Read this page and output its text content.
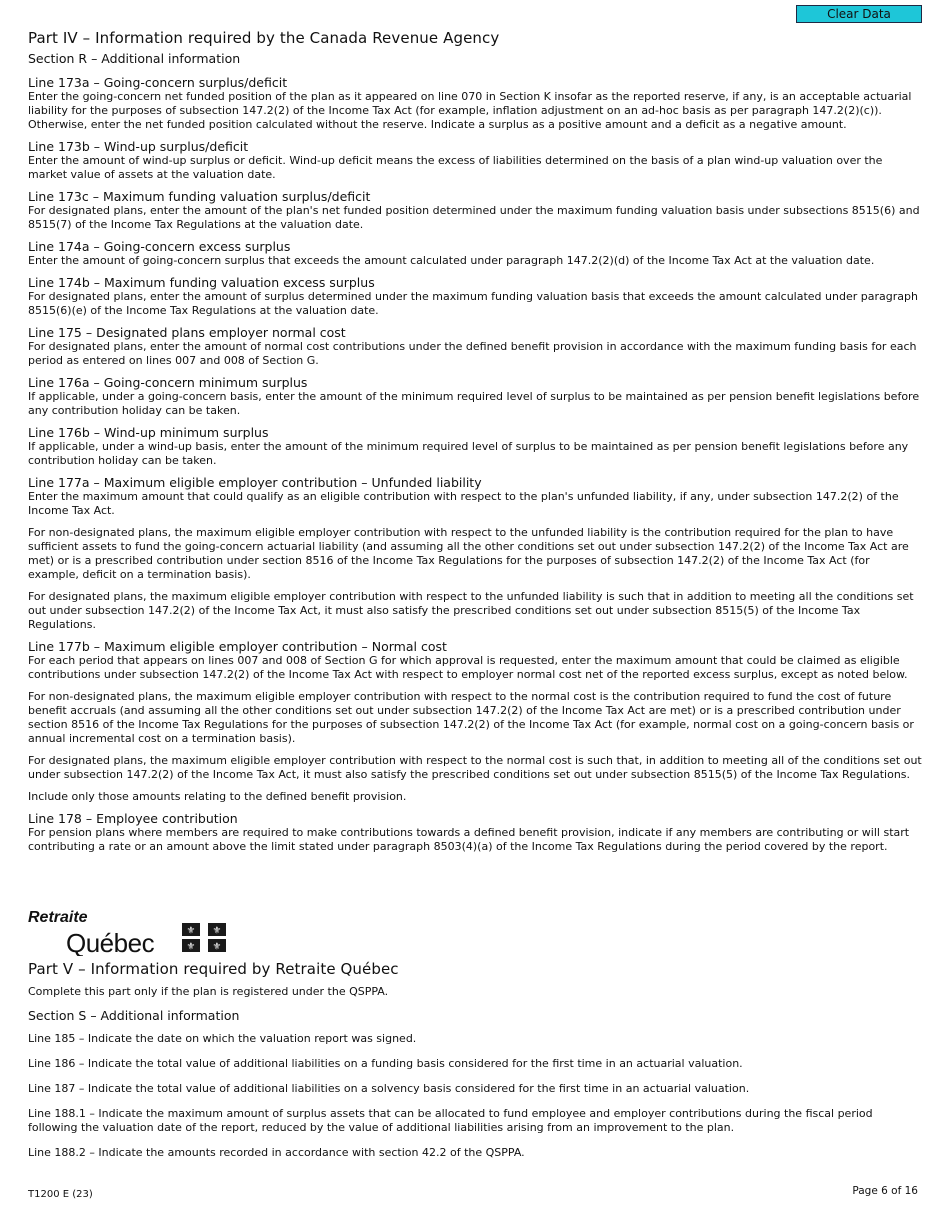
Clear Data
Part IV – Information required by the Canada Revenue Agency
Section R – Additional information
Line 173a – Going-concern surplus/deficit

Enter the going-concern net funded position of the plan as it appeared on line 070 in Section K insofar as the reported reserve, if any, is an acceptable actuarial liability for the purposes of subsection 147.2(2) of the Income Tax Act (for example, inflation adjustment on an ad-hoc basis as per paragraph 147.2(2)(c)). Otherwise, enter the net funded position calculated without the reserve. Indicate a surplus as a positive amount and a deficit as a negative amount.

Line 173b – Wind-up surplus/deficit

Enter the amount of wind-up surplus or deficit. Wind-up deficit means the excess of liabilities determined on the basis of a plan wind-up valuation over the market value of assets at the valuation date.

Line 173c – Maximum funding valuation surplus/deficit

For designated plans, enter the amount of the plan's net funded position determined under the maximum funding valuation basis under subsections 8515(6) and 8515(7) of the Income Tax Regulations at the valuation date.

Line 174a – Going-concern excess surplus

Enter the amount of going-concern surplus that exceeds the amount calculated under paragraph 147.2(2)(d) of the Income Tax Act at the valuation date.

Line 174b – Maximum funding valuation excess surplus

For designated plans, enter the amount of surplus determined under the maximum funding valuation basis that exceeds the amount calculated under paragraph 8515(6)(e) of the Income Tax Regulations at the valuation date.

Line 175 – Designated plans employer normal cost

For designated plans, enter the amount of normal cost contributions under the defined benefit provision in accordance with the maximum funding basis for each period as entered on lines 007 and 008 of Section G.

Line 176a – Going-concern minimum surplus

If applicable, under a going-concern basis, enter the amount of the minimum required level of surplus to be maintained as per pension benefit legislations before any contribution holiday can be taken.

Line 176b – Wind-up minimum surplus

If applicable, under a wind-up basis, enter the amount of the minimum required level of surplus to be maintained as per pension benefit legislations before any contribution holiday can be taken.

Line 177a – Maximum eligible employer contribution – Unfunded liability

Enter the maximum amount that could qualify as an eligible contribution with respect to the plan's unfunded liability, if any, under subsection 147.2(2) of the Income Tax Act.

For non-designated plans, the maximum eligible employer contribution with respect to the unfunded liability is the contribution required for the plan to have sufficient assets to fund the going-concern actuarial liability (and assuming all the other conditions set out under subsection 147.2(2) of the Income Tax Act are met) or is a prescribed contribution under section 8516 of the Income Tax Regulations for the purposes of subsection 147.2(2) of the Income Tax Act (for example, deficit on a termination basis).

For designated plans, the maximum eligible employer contribution with respect to the unfunded liability is such that in addition to meeting all the conditions set out under subsection 147.2(2) of the Income Tax Act, it must also satisfy the prescribed conditions set out under subsection 8515(5) of the Income Tax Regulations.

Line 177b – Maximum eligible employer contribution – Normal cost

For each period that appears on lines 007 and 008 of Section G for which approval is requested, enter the maximum amount that could be claimed as eligible contributions under subsection 147.2(2) of the Income Tax Act with respect to employer normal cost net of the reported excess surplus, except as noted below.

For non-designated plans, the maximum eligible employer contribution with respect to the normal cost is the contribution required to fund the cost of future benefit accruals (and assuming all the other conditions set out under subsection 147.2(2) of the Income Tax Act are met) or is a prescribed contribution under section 8516 of the Income Tax Regulations for the purposes of subsection 147.2(2) of the Income Tax Act (for example, normal cost on a going-concern basis or annual incremental cost on a termination basis).

For designated plans, the maximum eligible employer contribution with respect to the normal cost is such that, in addition to meeting all of the conditions set out under subsection 147.2(2) of the Income Tax Act, it must also satisfy the prescribed conditions set out under subsection 8515(5) of the Income Tax Regulations.

Include only those amounts relating to the defined benefit provision.

Line 178 – Employee contribution

For pension plans where members are required to make contributions towards a defined benefit provision, indicate if any members are contributing or will start contributing a rate or an amount above the limit stated under paragraph 8503(4)(a) of the Income Tax Regulations during the period covered by the report.

Retraite
Québec	⚜ ⚜
⚜ ⚜
Part V – Information required by Retraite Québec

Complete this part only if the plan is registered under the QSPPA.

Section S – Additional information

Line 185 – Indicate the date on which the valuation report was signed.

Line 186 – Indicate the total value of additional liabilities on a funding basis considered for the first time in an actuarial valuation.

Line 187 – Indicate the total value of additional liabilities on a solvency basis considered for the first time in an actuarial valuation.

Line 188.1 – Indicate the maximum amount of surplus assets that can be allocated to fund employee and employer contributions during the fiscal period following the valuation date of the report, reduced by the value of additional liabilities arising from an improvement to the plan.

Line 188.2 – Indicate the amounts recorded in accordance with section 42.2 of the QSPPA.

T1200 E (23)	Page 6 of 16
